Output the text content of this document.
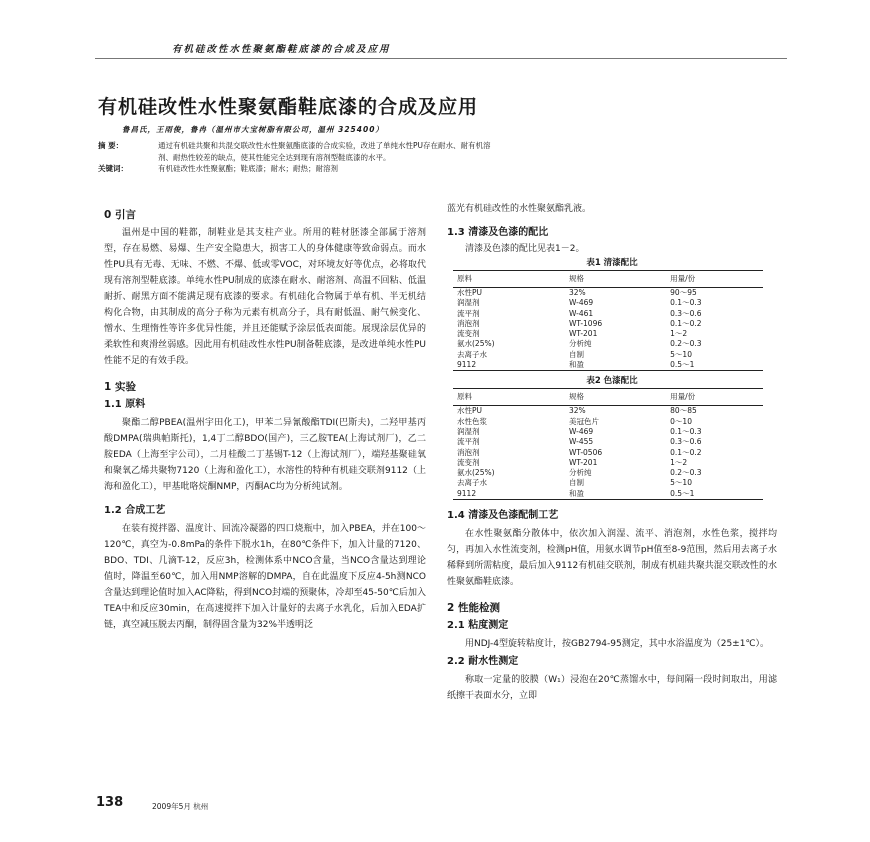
有机硅改性水性聚氨酯鞋底漆的合成及应用
有机硅改性水性聚氨酯鞋底漆的合成及应用
鲁昌氏，王雨俊，鲁冉（温州市大宝树脂有限公司，温州 325400）
摘 要：	通过有机硅共聚和共混交联改性水性聚氨酯底漆的合成实验，改进了单纯水性PU存在耐水、耐有机溶
剂、耐热性较差的缺点，使其性能完全达到现有溶剂型鞋底漆的水平。
关键词：	有机硅改性水性聚氨酯；鞋底漆；耐水；耐热；耐溶剂
0 引言

温州是中国的鞋都，制鞋业是其支柱产业。所用的鞋材胚漆全部属于溶剂型，存在易燃、易爆、生产安全隐患大，损害工人的身体健康等致命弱点。而水性PU具有无毒、无味、不燃、不爆、低或零VOC，对环境友好等优点，必将取代现有溶剂型鞋底漆。单纯水性PU制成的底漆在耐水、耐溶剂、高温不回粘、低温耐折、耐黑方面不能满足现有底漆的要求。有机硅化合物属于单有机、半无机结构化合物，由其制成的高分子称为元素有机高分子，具有耐低温、耐气候变化、憎水、生理惰性等许多优异性能，并且还能赋予涂层低表面能。展现涂层优异的柔软性和爽滑丝弱感。因此用有机硅改性水性PU制备鞋底漆，是改进单纯水性PU性能不足的有效手段。

1 实验
1.1 原料

聚酯二醇PBEA(温州宇田化工)，甲苯二异氰酸酯TDI(巴斯夫)，二羟甲基丙酸DMPA(瑞典帕斯托)，1,4丁二醇BDO(国产)，三乙胺TEA(上海试剂厂)，乙二胺EDA（上海至宇公司），二月桂酸二丁基锡T-12（上海试剂厂），端羟基聚硅氧和聚氧乙烯共聚物7120（上海和盈化工），水溶性的特种有机硅交联剂9112（上海和盈化工），甲基吡咯烷酮NMP，丙酮AC均为分析纯试剂。

1.2 合成工艺

在装有搅拌器、温度计、回流冷凝器的四口烧瓶中，加入PBEA，并在100～120℃，真空为-0.8mPa的条件下脱水1h，在80℃条件下，加入计量的7120、BDO、TDI、几滴T-12，反应3h，检测体系中NCO含量，当NCO含量达到理论值时，降温至60℃，加入用NMP溶解的DMPA，自在此温度下反应4-5h测NCO含量达到理论值时加入AC降粘，得到NCO封端的预聚体，冷却至45-50℃后加入TEA中和反应30min，在高速搅拌下加入计量好的去离子水乳化，后加入EDA扩链，真空减压脱去丙酮，制得固含量为32%半透明泛

蓝光有机硅改性的水性聚氨酯乳液。

1.3 清漆及色漆的配比

清漆及色漆的配比见表1－2。

表1 清漆配比
原料	规格	用量/份
水性PU	32%	90～95
润湿剂	W-469	0.1～0.3
流平剂	W-461	0.3～0.6
消泡剂	WT-1096	0.1～0.2
流变剂	WT-201	1～2
氨水(25%)	分析纯	0.2～0.3
去离子水	自制	5～10
9112	和盈	0.5～1
表2 色漆配比
原料	规格	用量/份
水性PU	32%	80～85
水性色浆	美冠色片	0～10
润湿剂	W-469	0.1～0.3
流平剂	W-455	0.3～0.6
消泡剂	WT-0506	0.1～0.2
流变剂	WT-201	1～2
氨水(25%)	分析纯	0.2～0.3
去离子水	自制	5～10
9112	和盈	0.5～1
1.4 清漆及色漆配制工艺

在水性聚氨酯分散体中，依次加入润湿、流平、消泡剂，水性色浆，搅拌均匀，再加入水性流变剂，检测pH值，用氨水调节pH值至8-9范围，然后用去离子水稀释到所需粘度，最后加入9112有机硅交联剂，制成有机硅共聚共混交联改性的水性聚氨酯鞋底漆。

2 性能检测
2.1 粘度测定

用NDJ-4型旋转粘度计，按GB2794-95测定，其中水浴温度为（25±1℃）。

2.2 耐水性测定

称取一定量的胶膜（W₁）浸泡在20℃蒸馏水中，每间隔一段时间取出，用滤纸擦干表面水分，立即

138	2009年5月 杭州
